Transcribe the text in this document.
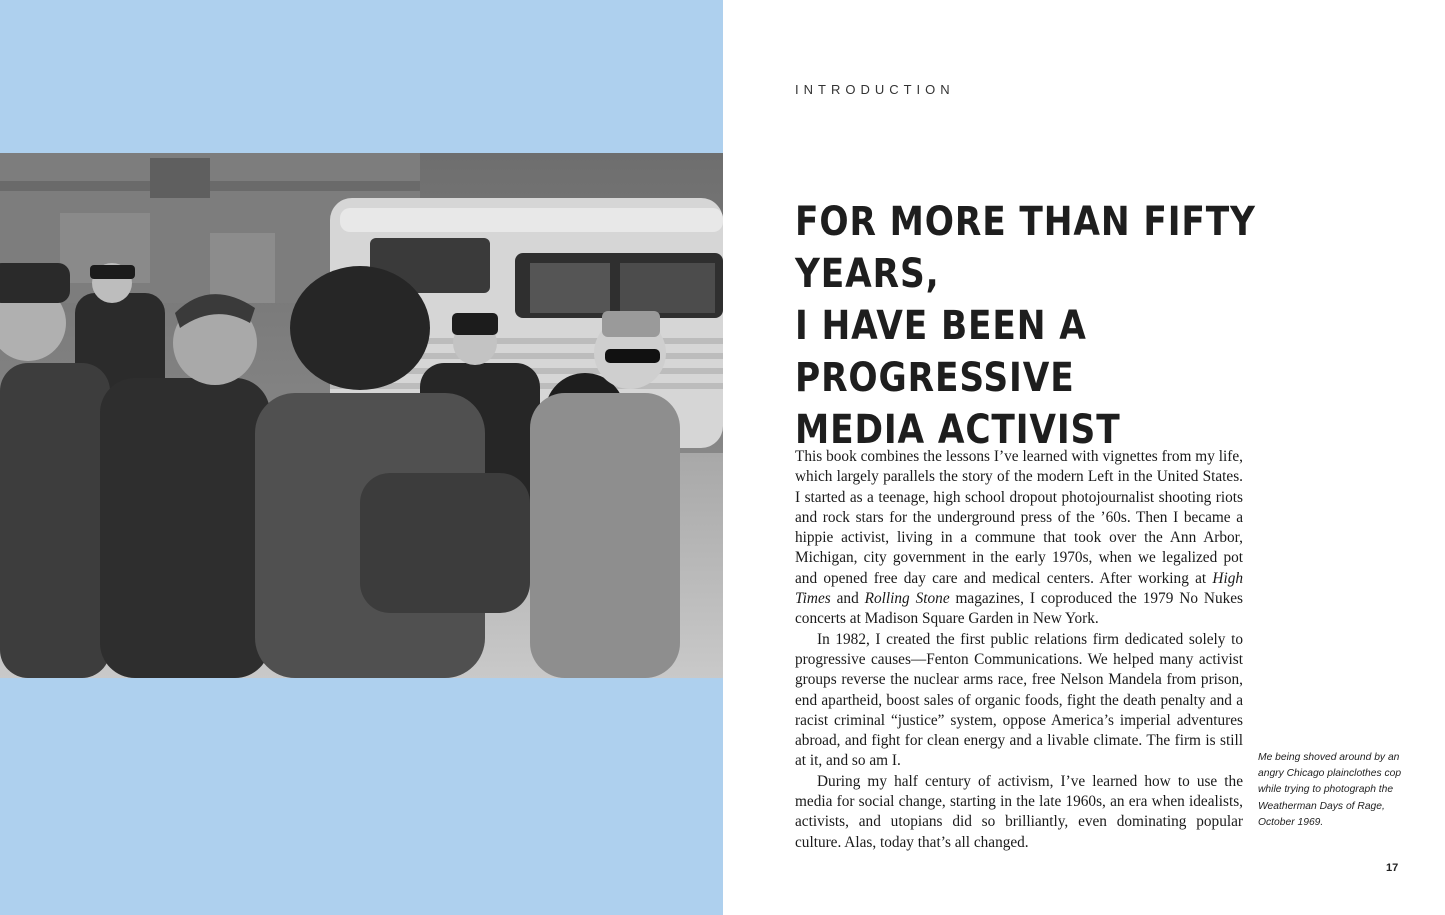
INTRODUCTION

FOR MORE THAN FIFTY YEARS,
I HAVE BEEN A PROGRESSIVE
MEDIA ACTIVIST

This book combines the lessons I’ve learned with vignettes from my life, which largely parallels the story of the modern Left in the United States. I started as a teenage, high school dropout photojournalist shooting riots and rock stars for the underground press of the ’60s. Then I became a hippie activist, living in a commune that took over the Ann Arbor, Michigan, city government in the early 1970s, when we legalized pot and opened free day care and medical centers. After working at High Times and Rolling Stone magazines, I coproduced the 1979 No Nukes concerts at Madison Square Garden in New York.

In 1982, I created the first public relations firm dedicated solely to progressive causes—Fenton Communications. We helped many activist groups reverse the nuclear arms race, free Nelson Mandela from prison, end apartheid, boost sales of organic foods, fight the death penalty and a racist criminal “justice” system, oppose America’s imperial adventures abroad, and fight for clean energy and a livable climate. The firm is still at it, and so am I.

During my half century of activism, I’ve learned how to use the media for social change, starting in the late 1960s, an era when idealists, activists, and utopians did so brilliantly, even dominating popular culture. Alas, today that’s all changed.

Me being shoved around by an angry Chicago plainclothes cop while trying to photograph the Weatherman Days of Rage, October 1969.

17
